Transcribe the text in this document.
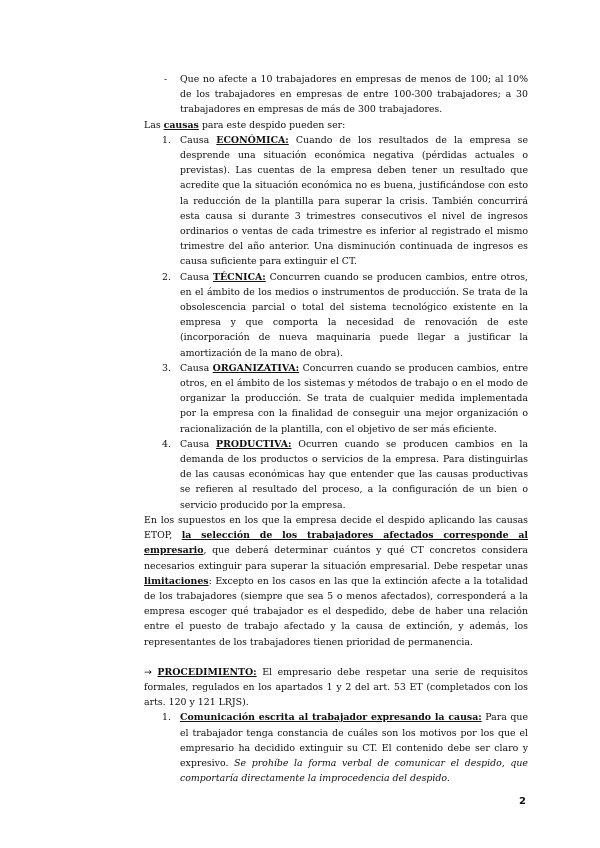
-	Que no afecte a 10 trabajadores en empresas de menos de 100; al 10% de los trabajadores en empresas de entre 100-300 trabajadores; a 30 trabajadores en empresas de más de 300 trabajadores.

Las causas para este despido pueden ser:

1. Causa ECONÓMICA: Cuando de los resultados de la empresa se desprende una situación económica negativa (pérdidas actuales o previstas). Las cuentas de la empresa deben tener un resultado que acredite que la situación económica no es buena, justificándose con esto la reducción de la plantilla para superar la crisis. También concurrirá esta causa si durante 3 trimestres consecutivos el nivel de ingresos ordinarios o ventas de cada trimestre es inferior al registrado el mismo trimestre del año anterior. Una disminución continuada de ingresos es causa suficiente para extinguir el CT.
2. Causa TÉCNICA: Concurren cuando se producen cambios, entre otros, en el ámbito de los medios o instrumentos de producción. Se trata de la obsolescencia parcial o total del sistema tecnológico existente en la empresa y que comporta la necesidad de renovación de este (incorporación de nueva maquinaria puede llegar a justificar la amortización de la mano de obra).
3. Causa ORGANIZATIVA: Concurren cuando se producen cambios, entre otros, en el ámbito de los sistemas y métodos de trabajo o en el modo de organizar la producción. Se trata de cualquier medida implementada por la empresa con la finalidad de conseguir una mejor organización o racionalización de la plantilla, con el objetivo de ser más eficiente.
4. Causa PRODUCTIVA: Ocurren cuando se producen cambios en la demanda de los productos o servicios de la empresa. Para distinguirlas de las causas económicas hay que entender que las causas productivas se refieren al resultado del proceso, a la configuración de un bien o servicio producido por la empresa.

En los supuestos en los que la empresa decide el despido aplicando las causas ETOP, la selección de los trabajadores afectados corresponde al empresario, que deberá determinar cuántos y qué CT concretos considera necesarios extinguir para superar la situación empresarial. Debe respetar unas limitaciones: Excepto en los casos en las que la extinción afecte a la totalidad de los trabajadores (siempre que sea 5 o menos afectados), corresponderá a la empresa escoger qué trabajador es el despedido, debe de haber una relación entre el puesto de trabajo afectado y la causa de extinción, y además, los representantes de los trabajadores tienen prioridad de permanencia.

→ PROCEDIMIENTO: El empresario debe respetar una serie de requisitos formales, regulados en los apartados 1 y 2 del art. 53 ET (completados con los arts. 120 y 121 LRJS).

1. Comunicación escrita al trabajador expresando la causa: Para que el trabajador tenga constancia de cuáles son los motivos por los que el empresario ha decidido extinguir su CT. El contenido debe ser claro y expresivo. Se prohíbe la forma verbal de comunicar el despido, que comportaría directamente la improcedencia del despido.
2
